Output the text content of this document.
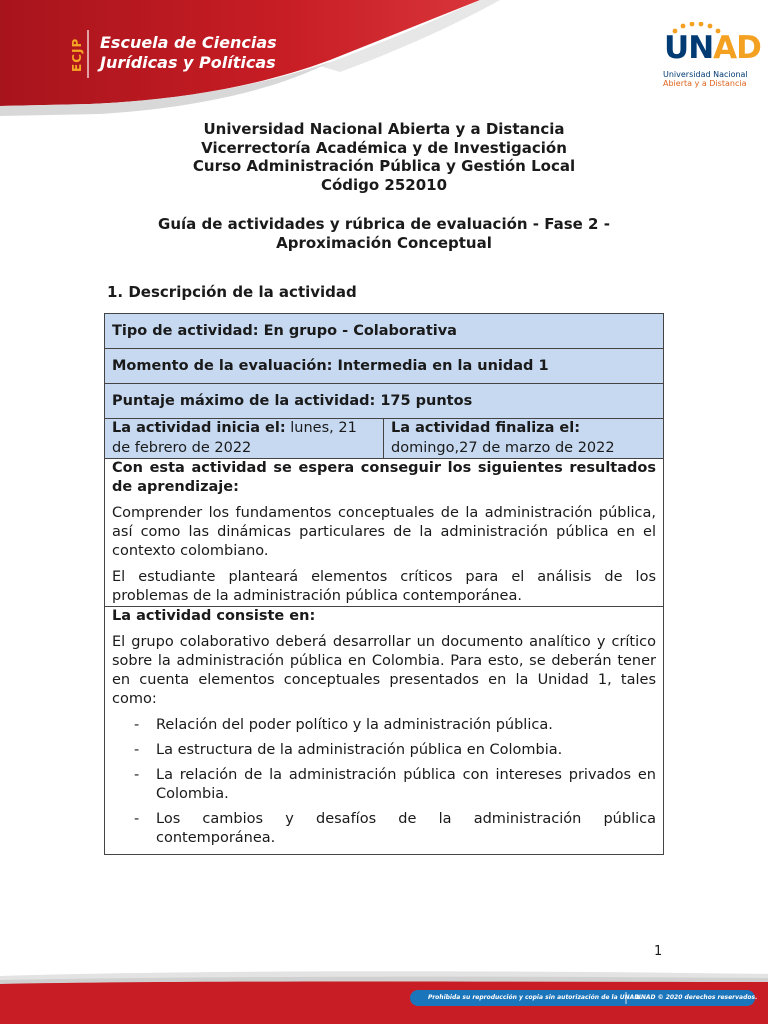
ECJP	Escuela de Ciencias
Jurídicas y Políticas	UNAD
Universidad Nacional
Abierta y a Distancia
Universidad Nacional Abierta y a Distancia
Vicerrectoría Académica y de Investigación
Curso Administración Pública y Gestión Local
Código 252010
Guía de actividades y rúbrica de evaluación - Fase 2 -
Aproximación Conceptual
1. Descripción de la actividad
Tipo de actividad: En grupo - Colaborativa
Momento de la evaluación: Intermedia en la unidad 1
Puntaje máximo de la actividad: 175 puntos
La actividad inicia el: lunes, 21 de febrero de 2022	
La actividad finaliza el:
domingo,27 de marzo de 2022

Con esta actividad se espera conseguir los siguientes resultados de aprendizaje:

Comprender los fundamentos conceptuales de la administración pública, así como las dinámicas particulares de la administración pública en el contexto colombiano.

El estudiante planteará elementos críticos para el análisis de los problemas de la administración pública contemporánea.

La actividad consiste en:

El grupo colaborativo deberá desarrollar un documento analítico y crítico sobre la administración pública en Colombia. Para esto, se deberán tener en cuenta elementos conceptuales presentados en la Unidad 1, tales como:

- Relación del poder político y la administración pública.
- La estructura de la administración pública en Colombia.
- La relación de la administración pública con intereses privados en Colombia.
- Los cambios y desafíos de la administración pública contemporánea.
1
Prohibida su reproducción y copia sin autorización de la UNAD.
UNAD © 2020 derechos reservados.
